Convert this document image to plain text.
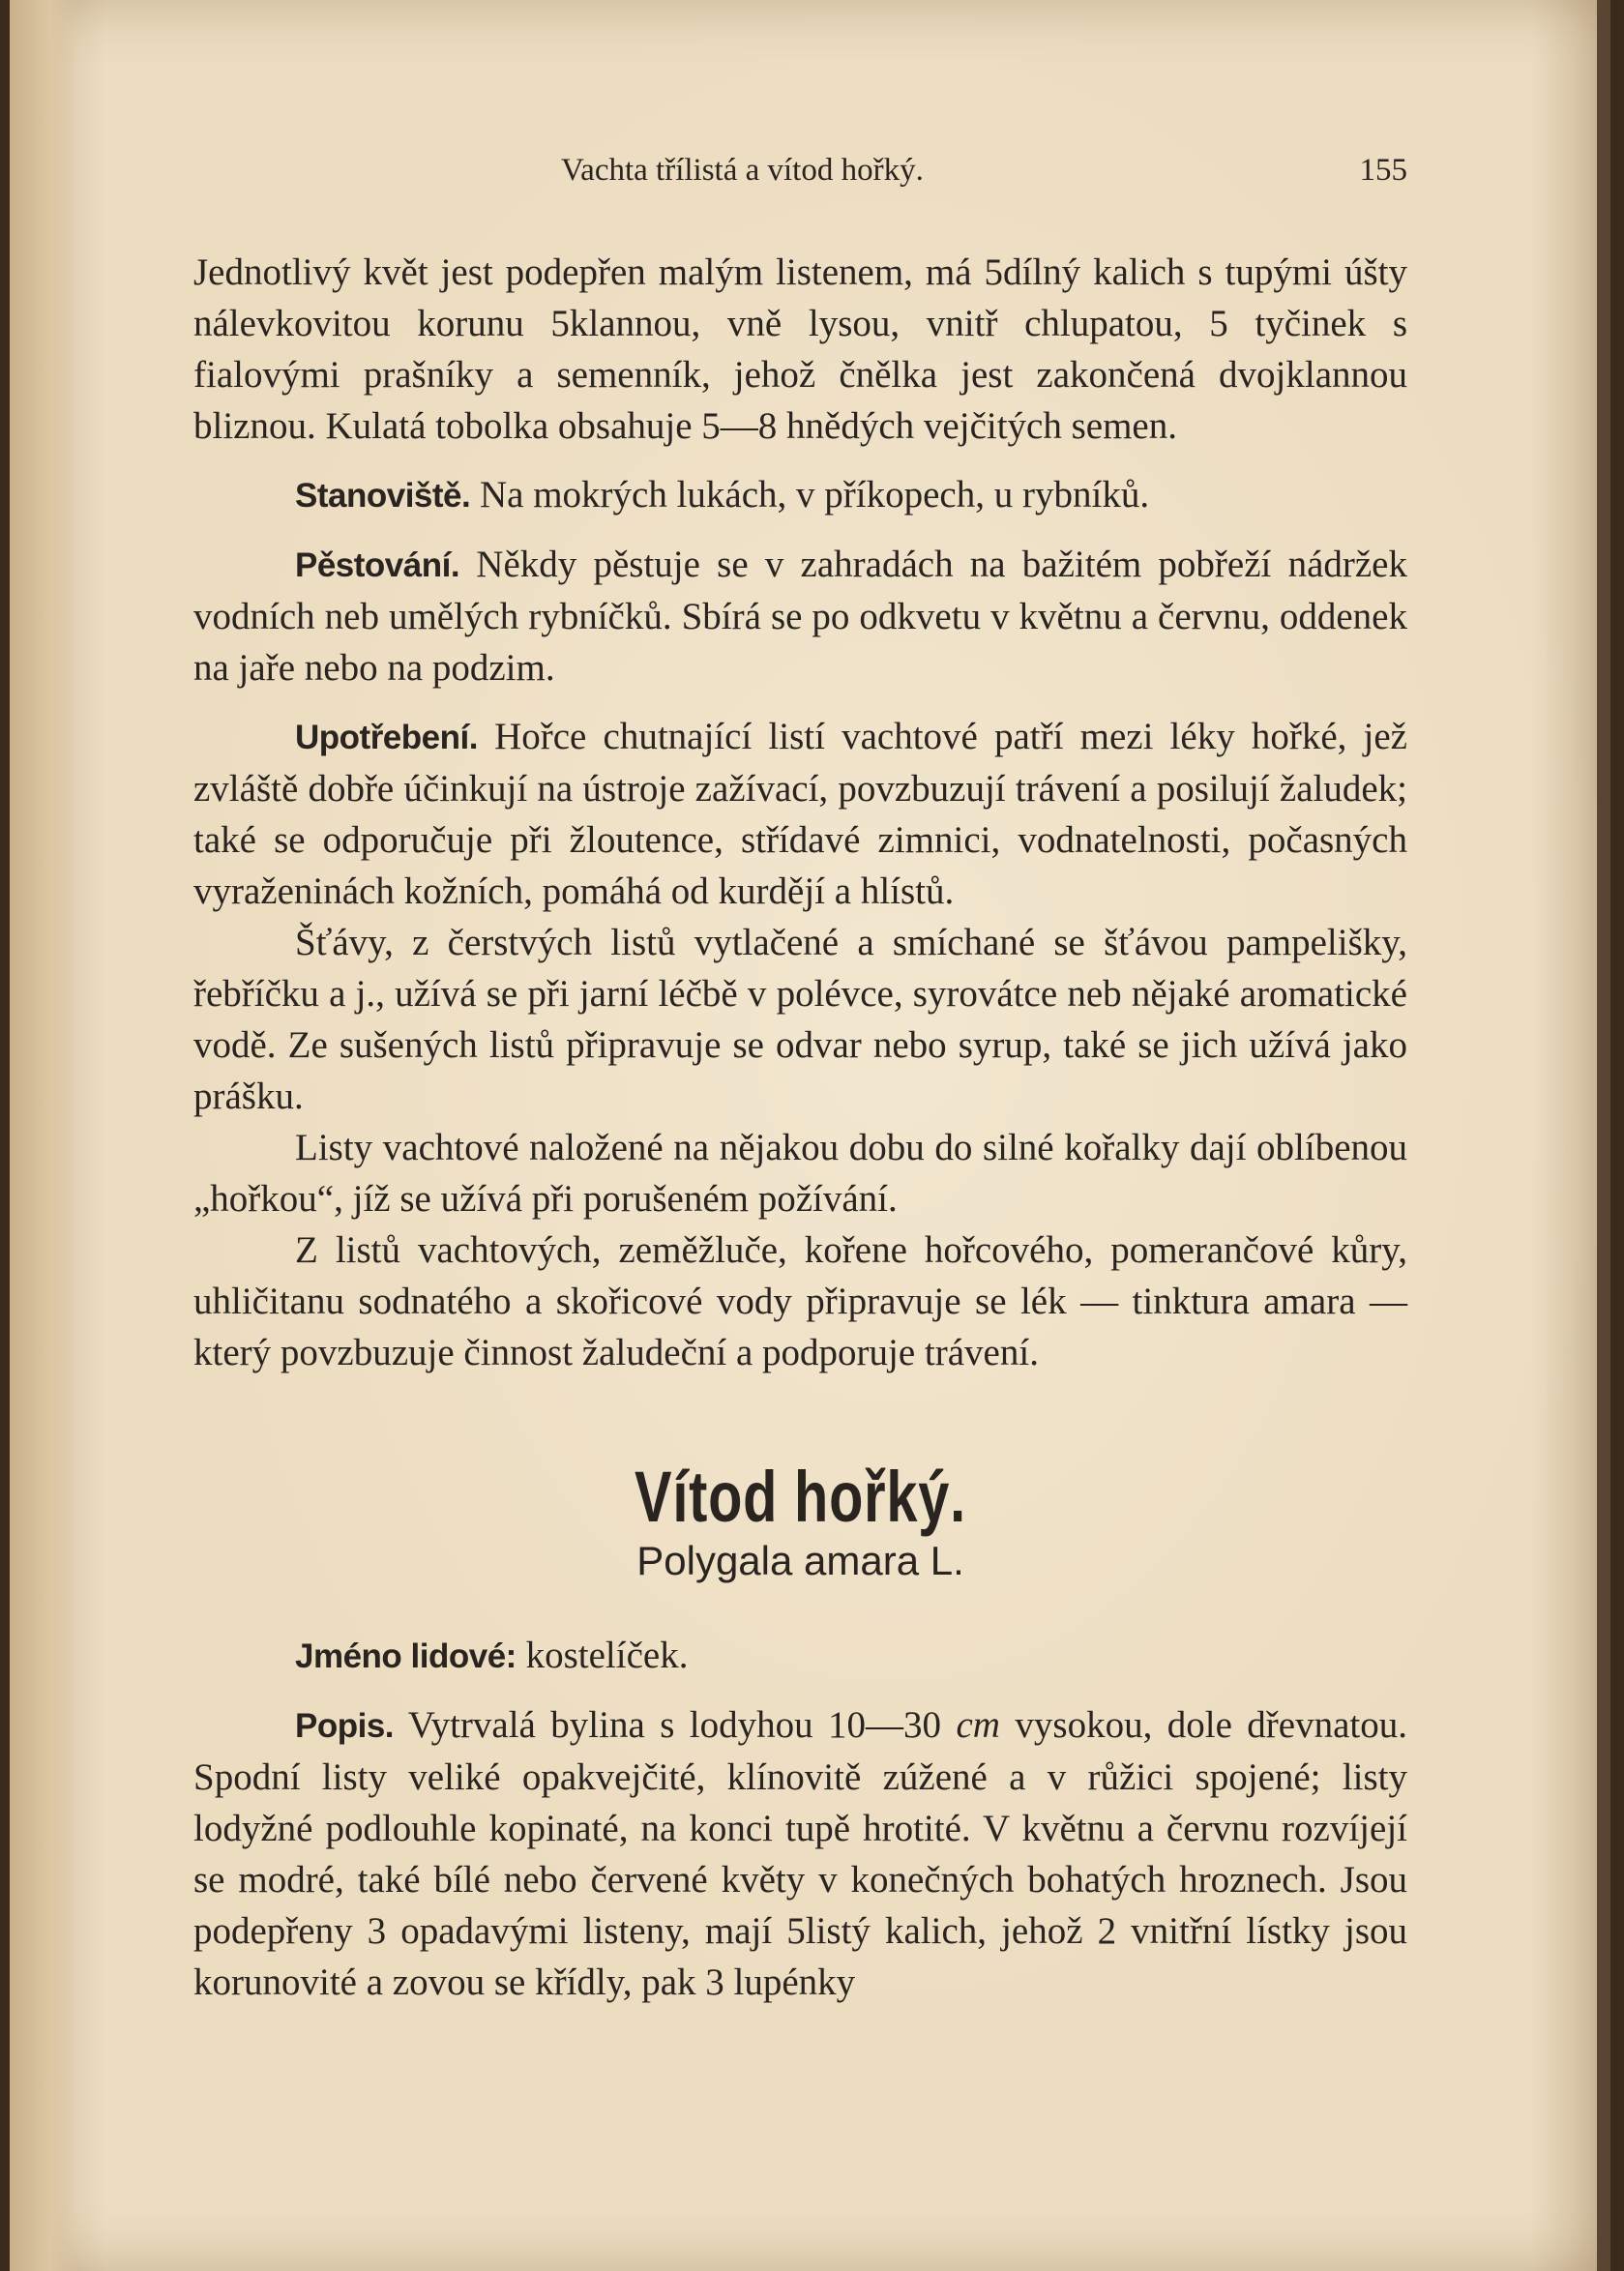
Vachta třílistá a vítod hořký.	155

Jednotlivý květ jest podepřen malým listenem, má 5dílný kalich s tupými úšty nálevkovitou korunu 5klannou, vně lysou, vnitř chlupatou, 5 tyčinek s fialovými prašníky a semenník, jehož čnělka jest zakončená dvojklannou bliznou. Kulatá tobolka obsahuje 5—8 hnědých vejčitých semen.

Stanoviště. Na mokrých lukách, v příkopech, u rybníků.

Pěstování. Někdy pěstuje se v zahradách na bažitém pobřeží nádržek vodních neb umělých rybníčků. Sbírá se po odkvetu v květnu a červnu, oddenek na jaře nebo na podzim.

Upotřebení. Hořce chutnající listí vachtové patří mezi léky hořké, jež zvláště dobře účinkují na ústroje zažívací, povzbuzují trávení a posilují žaludek; také se odporučuje při žloutence, střídavé zimnici, vodnatelnosti, počasných vyraženinách kožních, pomáhá od kurdějí a hlístů.

Šťávy, z čerstvých listů vytlačené a smíchané se šťávou pampelišky, řebříčku a j., užívá se při jarní léčbě v polévce, syrovátce neb nějaké aromatické vodě. Ze sušených listů připravuje se odvar nebo syrup, také se jich užívá jako prášku.

Listy vachtové naložené na nějakou dobu do silné kořalky dají oblíbenou „hořkou“, jíž se užívá při porušeném požívání.

Z listů vachtových, zeměžluče, kořene hořcového, pomerančové kůry, uhličitanu sodnatého a skořicové vody připravuje se lék — tinktura amara — který povzbuzuje činnost žaludeční a podporuje trávení.

Vítod hořký.
Polygala amara L.

Jméno lidové: kostelíček.

Popis. Vytrvalá bylina s lodyhou 10—30 cm vysokou, dole dřevnatou. Spodní listy veliké opakvejčité, klínovitě zúžené a v růžici spojené; listy lodyžné podlouhle kopinaté, na konci tupě hrotité. V květnu a červnu rozvíjejí se modré, také bílé nebo červené květy v konečných bohatých hroznech. Jsou podepřeny 3 opadavými listeny, mají 5listý kalich, jehož 2 vnitřní lístky jsou korunovité a zovou se křídly, pak 3 lupénky
